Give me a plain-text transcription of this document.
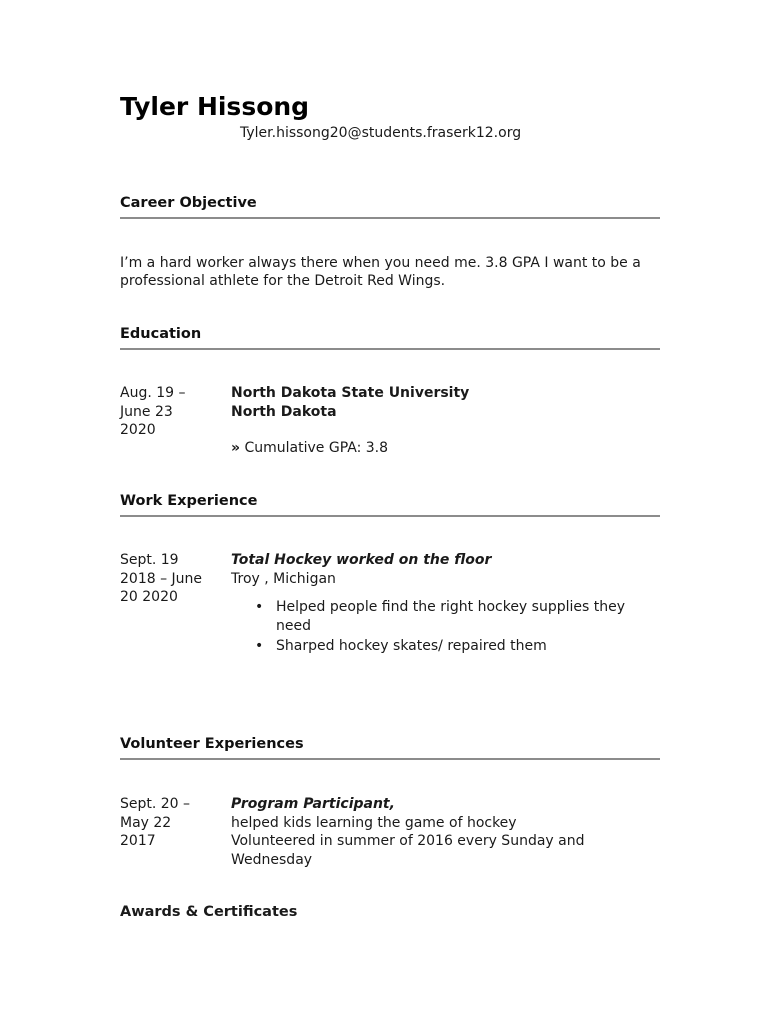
Tyler Hissong
Tyler.hissong20@students.fraserk12.org
Career Objective
I’m a hard worker always there when you need me. 3.8 GPA I want to be a professional athlete for the Detroit Red Wings.
Education
Aug. 19 –
June 23
2020
North Dakota State University
North Dakota
» Cumulative GPA: 3.8
Work Experience
Sept. 19
2018 – June
20 2020
Total Hockey worked on the floor
Troy , Michigan
• Helped people find the right hockey supplies they need
• Sharped hockey skates/ repaired them
Volunteer Experiences
Sept. 20 –
May 22
2017
Program Participant,
helped kids learning the game of hockey
Volunteered in summer of 2016 every Sunday and Wednesday
Awards & Certificates
